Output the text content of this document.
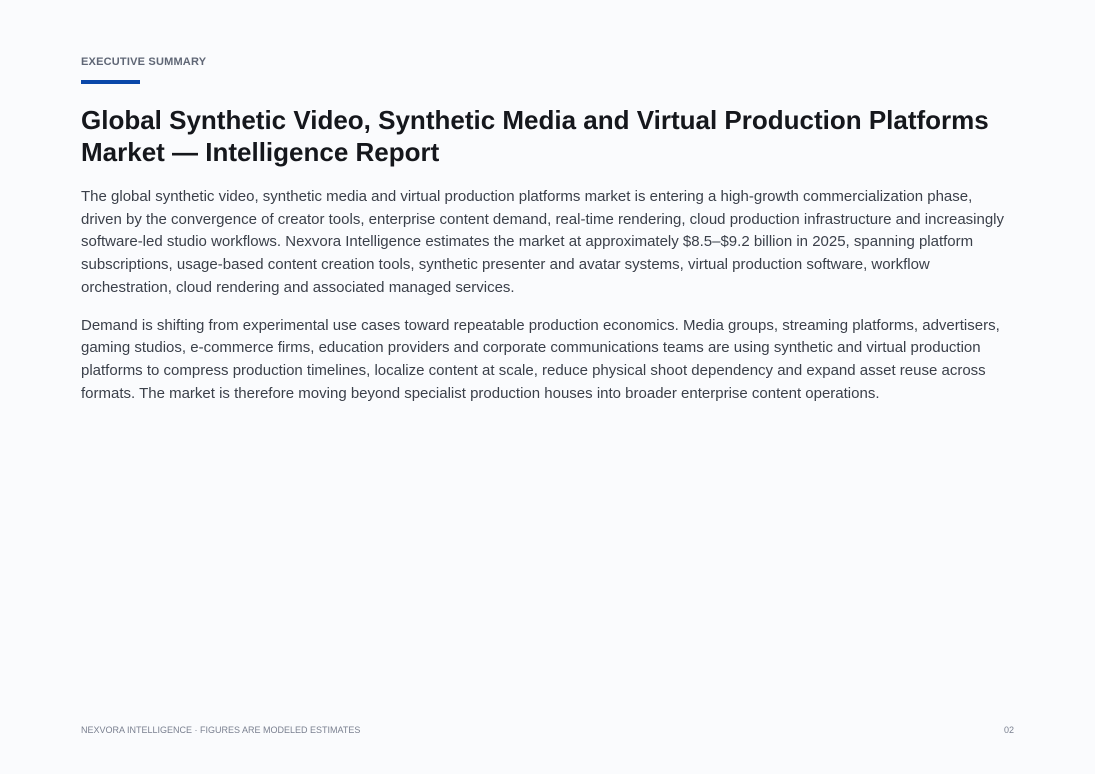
EXECUTIVE SUMMARY
Global Synthetic Video, Synthetic Media and Virtual Production Platforms Market — Intelligence Report

The global synthetic video, synthetic media and virtual production platforms market is entering a high-growth commercialization phase, driven by the convergence of creator tools, enterprise content demand, real-time rendering, cloud production infrastructure and increasingly software-led studio workflows. Nexvora Intelligence estimates the market at approximately $8.5–$9.2 billion in 2025, spanning platform subscriptions, usage-based content creation tools, synthetic presenter and avatar systems, virtual production software, workflow orchestration, cloud rendering and associated managed services.

Demand is shifting from experimental use cases toward repeatable production economics. Media groups, streaming platforms, advertisers, gaming studios, e-commerce firms, education providers and corporate communications teams are using synthetic and virtual production platforms to compress production timelines, localize content at scale, reduce physical shoot dependency and expand asset reuse across formats. The market is therefore moving beyond specialist production houses into broader enterprise content operations.

NEXVORA INTELLIGENCE · FIGURES ARE MODELED ESTIMATES	02
